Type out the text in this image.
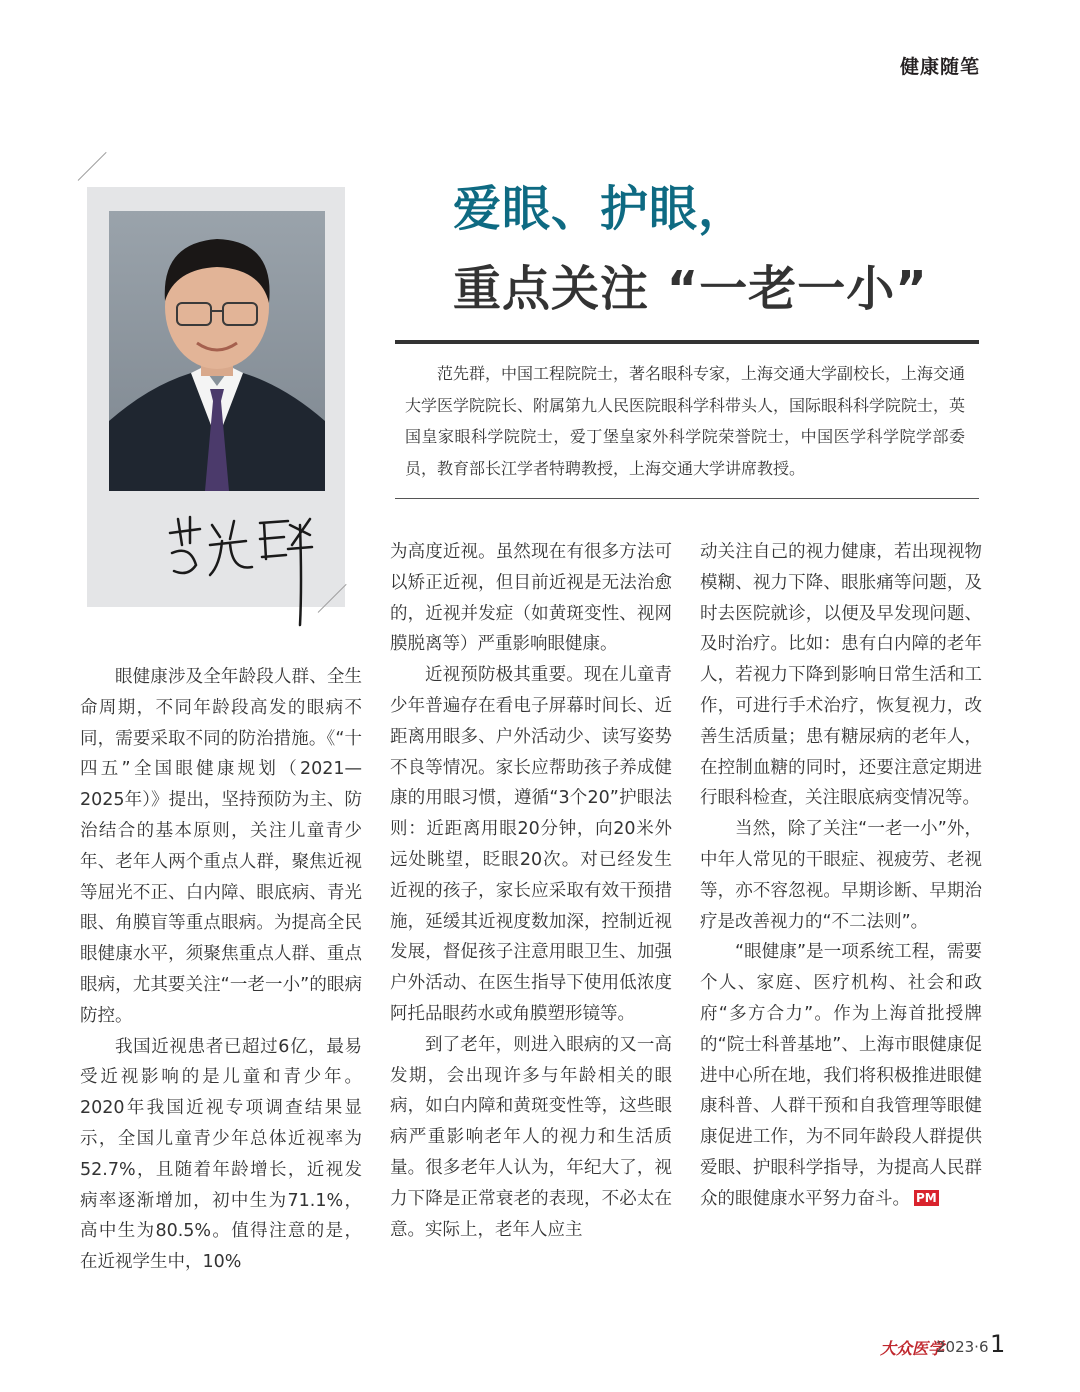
健康随笔
爱眼、护眼，
重点关注 “一老一小”

范先群，中国工程院院士，著名眼科专家，上海交通大学副校长，上海交通大学医学院院长、附属第九人民医院眼科学科带头人，国际眼科科学院院士，英国皇家眼科学院院士，爱丁堡皇家外科学院荣誉院士，中国医学科学院学部委员，教育部长江学者特聘教授，上海交通大学讲席教授。

眼健康涉及全年龄段人群、全生命周期，不同年龄段高发的眼病不同，需要采取不同的防治措施。《“十四五”全国眼健康规划（2021—2025年）》提出，坚持预防为主、防治结合的基本原则，关注儿童青少年、老年人两个重点人群，聚焦近视等屈光不正、白内障、眼底病、青光眼、角膜盲等重点眼病。为提高全民眼健康水平，须聚焦重点人群、重点眼病，尤其要关注“一老一小”的眼病防控。

我国近视患者已超过6亿，最易受近视影响的是儿童和青少年。2020年我国近视专项调查结果显示，全国儿童青少年总体近视率为52.7%，且随着年龄增长，近视发病率逐渐增加，初中生为71.1%，高中生为80.5%。值得注意的是，在近视学生中，10%

为高度近视。虽然现在有很多方法可以矫正近视，但目前近视是无法治愈的，近视并发症（如黄斑变性、视网膜脱离等）严重影响眼健康。

近视预防极其重要。现在儿童青少年普遍存在看电子屏幕时间长、近距离用眼多、户外活动少、读写姿势不良等情况。家长应帮助孩子养成健康的用眼习惯，遵循“3个20”护眼法则：近距离用眼20分钟，向20米外远处眺望，眨眼20次。对已经发生近视的孩子，家长应采取有效干预措施，延缓其近视度数加深，控制近视发展，督促孩子注意用眼卫生、加强户外活动、在医生指导下使用低浓度阿托品眼药水或角膜塑形镜等。

到了老年，则进入眼病的又一高发期，会出现许多与年龄相关的眼病，如白内障和黄斑变性等，这些眼病严重影响老年人的视力和生活质量。很多老年人认为，年纪大了，视力下降是正常衰老的表现，不必太在意。实际上，老年人应主

动关注自己的视力健康，若出现视物模糊、视力下降、眼胀痛等问题，及时去医院就诊，以便及早发现问题、及时治疗。比如：患有白内障的老年人，若视力下降到影响日常生活和工作，可进行手术治疗，恢复视力，改善生活质量；患有糖尿病的老年人，在控制血糖的同时，还要注意定期进行眼科检查，关注眼底病变情况等。

当然，除了关注“一老一小”外，中年人常见的干眼症、视疲劳、老视等，亦不容忽视。早期诊断、早期治疗是改善视力的“不二法则”。

“眼健康”是一项系统工程，需要个人、家庭、医疗机构、社会和政府“多方合力”。作为上海首批授牌的“院士科普基地”、上海市眼健康促进中心所在地，我们将积极推进眼健康科普、人群干预和自我管理等眼健康促进工作，为不同年龄段人群提供爱眼、护眼科学指导，为提高人民群众的眼健康水平努力奋斗。 PM

大众医学
2023·6 1
